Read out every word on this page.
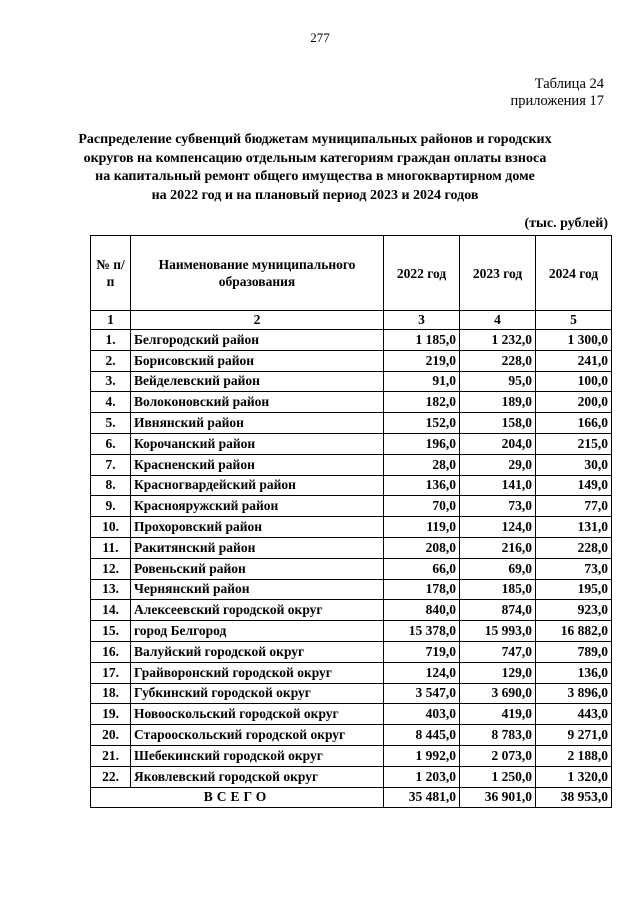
277
Таблица 24
приложения 17
Распределение субвенций бюджетам муниципальных районов и городских
округов на компенсацию отдельным категориям граждан оплаты взноса
на капитальный ремонт общего имущества в многоквартирном доме
на 2022 год и на плановый период 2023 и 2024 годов
(тыс. рублей)
№ п/п	Наименование муниципального образования	2022 год	2023 год	2024 год
1	2	3	4	5
1.	Белгородский район	1 185,0	1 232,0	1 300,0
2.	Борисовский район	219,0	228,0	241,0
3.	Вейделевский район	91,0	95,0	100,0
4.	Волоконовский район	182,0	189,0	200,0
5.	Ивнянский район	152,0	158,0	166,0
6.	Корочанский район	196,0	204,0	215,0
7.	Красненский район	28,0	29,0	30,0
8.	Красногвардейский район	136,0	141,0	149,0
9.	Краснояружский район	70,0	73,0	77,0
10.	Прохоровский район	119,0	124,0	131,0
11.	Ракитянский район	208,0	216,0	228,0
12.	Ровеньский район	66,0	69,0	73,0
13.	Чернянский район	178,0	185,0	195,0
14.	Алексеевский городской округ	840,0	874,0	923,0
15.	город Белгород	15 378,0	15 993,0	16 882,0
16.	Валуйский городской округ	719,0	747,0	789,0
17.	Грайворонский городской округ	124,0	129,0	136,0
18.	Губкинский городской округ	3 547,0	3 690,0	3 896,0
19.	Новооскольский городской округ	403,0	419,0	443,0
20.	Старооскольский городской округ	8 445,0	8 783,0	9 271,0
21.	Шебекинский городской округ	1 992,0	2 073,0	2 188,0
22.	Яковлевский городской округ	1 203,0	1 250,0	1 320,0
ВСЕГО		35 481,0	36 901,0	38 953,0
